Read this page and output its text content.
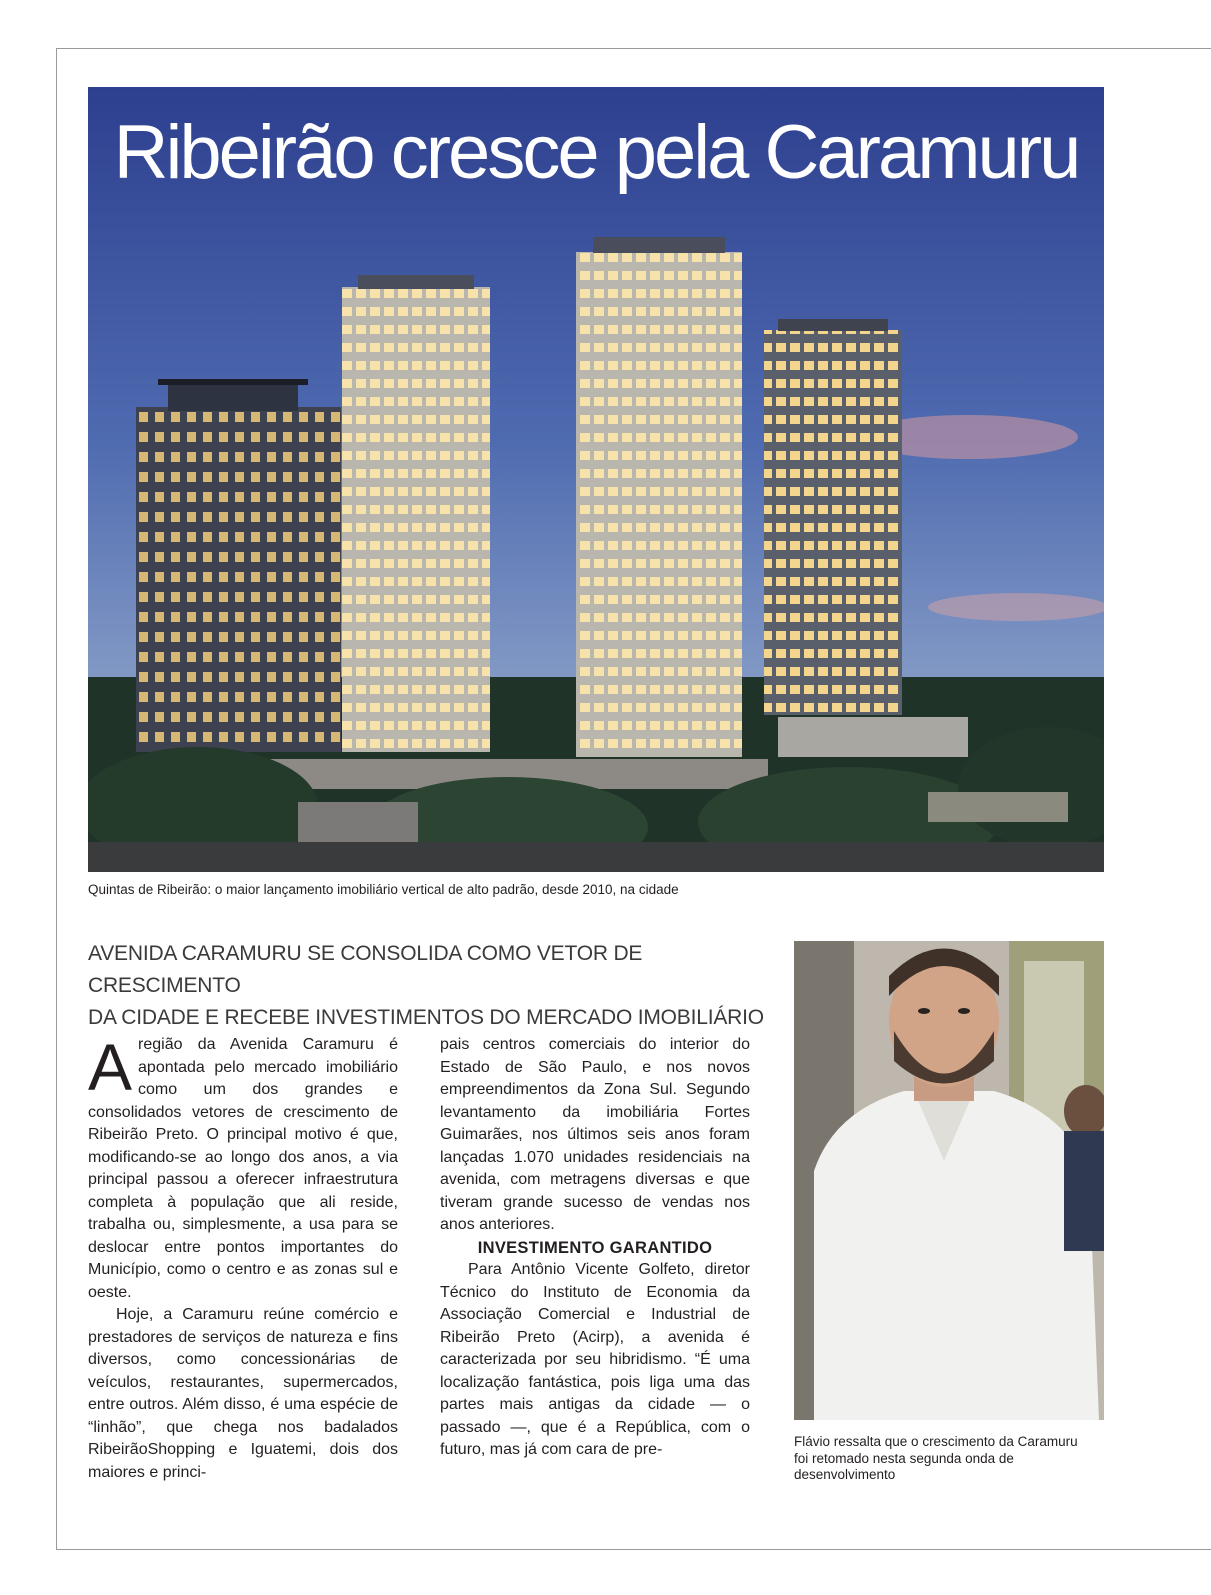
Ribeirão cresce pela Caramuru
Quintas de Ribeirão: o maior lançamento imobiliário vertical de alto padrão, desde 2010, na cidade
AVENIDA CARAMURU SE CONSOLIDA COMO VETOR DE CRESCIMENTO
DA CIDADE E RECEBE INVESTIMENTOS DO MERCADO IMOBILIÁRIO

Aregião da Avenida Caramuru é apontada pelo mercado imobiliário como um dos grandes e consolidados vetores de crescimento de Ribeirão Preto. O principal motivo é que, modificando-se ao longo dos anos, a via principal passou a oferecer infraestrutura completa à população que ali reside, trabalha ou, simplesmente, a usa para se deslocar entre pontos importantes do Município, como o centro e as zonas sul e oeste.

Hoje, a Caramuru reúne comércio e prestadores de serviços de natureza e fins diversos, como concessionárias de veículos, restaurantes, supermercados, entre outros. Além disso, é uma espécie de “linhão”, que chega nos badalados RibeirãoShopping e Iguatemi, dois dos maiores e princi-

pais centros comerciais do interior do Estado de São Paulo, e nos novos empreendimentos da Zona Sul. Segundo levantamento da imobiliária Fortes Guimarães, nos últimos seis anos foram lançadas 1.070 unidades residenciais na avenida, com metragens diversas e que tiveram grande sucesso de vendas nos anos anteriores.

INVESTIMENTO GARANTIDO

Para Antônio Vicente Golfeto, diretor Técnico do Instituto de Economia da Associação Comercial e Industrial de Ribeirão Preto (Acirp), a avenida é caracterizada por seu hibridismo. “É uma localização fantástica, pois liga uma das partes mais antigas da cidade — o passado —, que é a República, com o futuro, mas já com cara de pre-	Flávio ressalta que o crescimento da Caramuru foi retomado nesta segunda onda de desenvolvimento
